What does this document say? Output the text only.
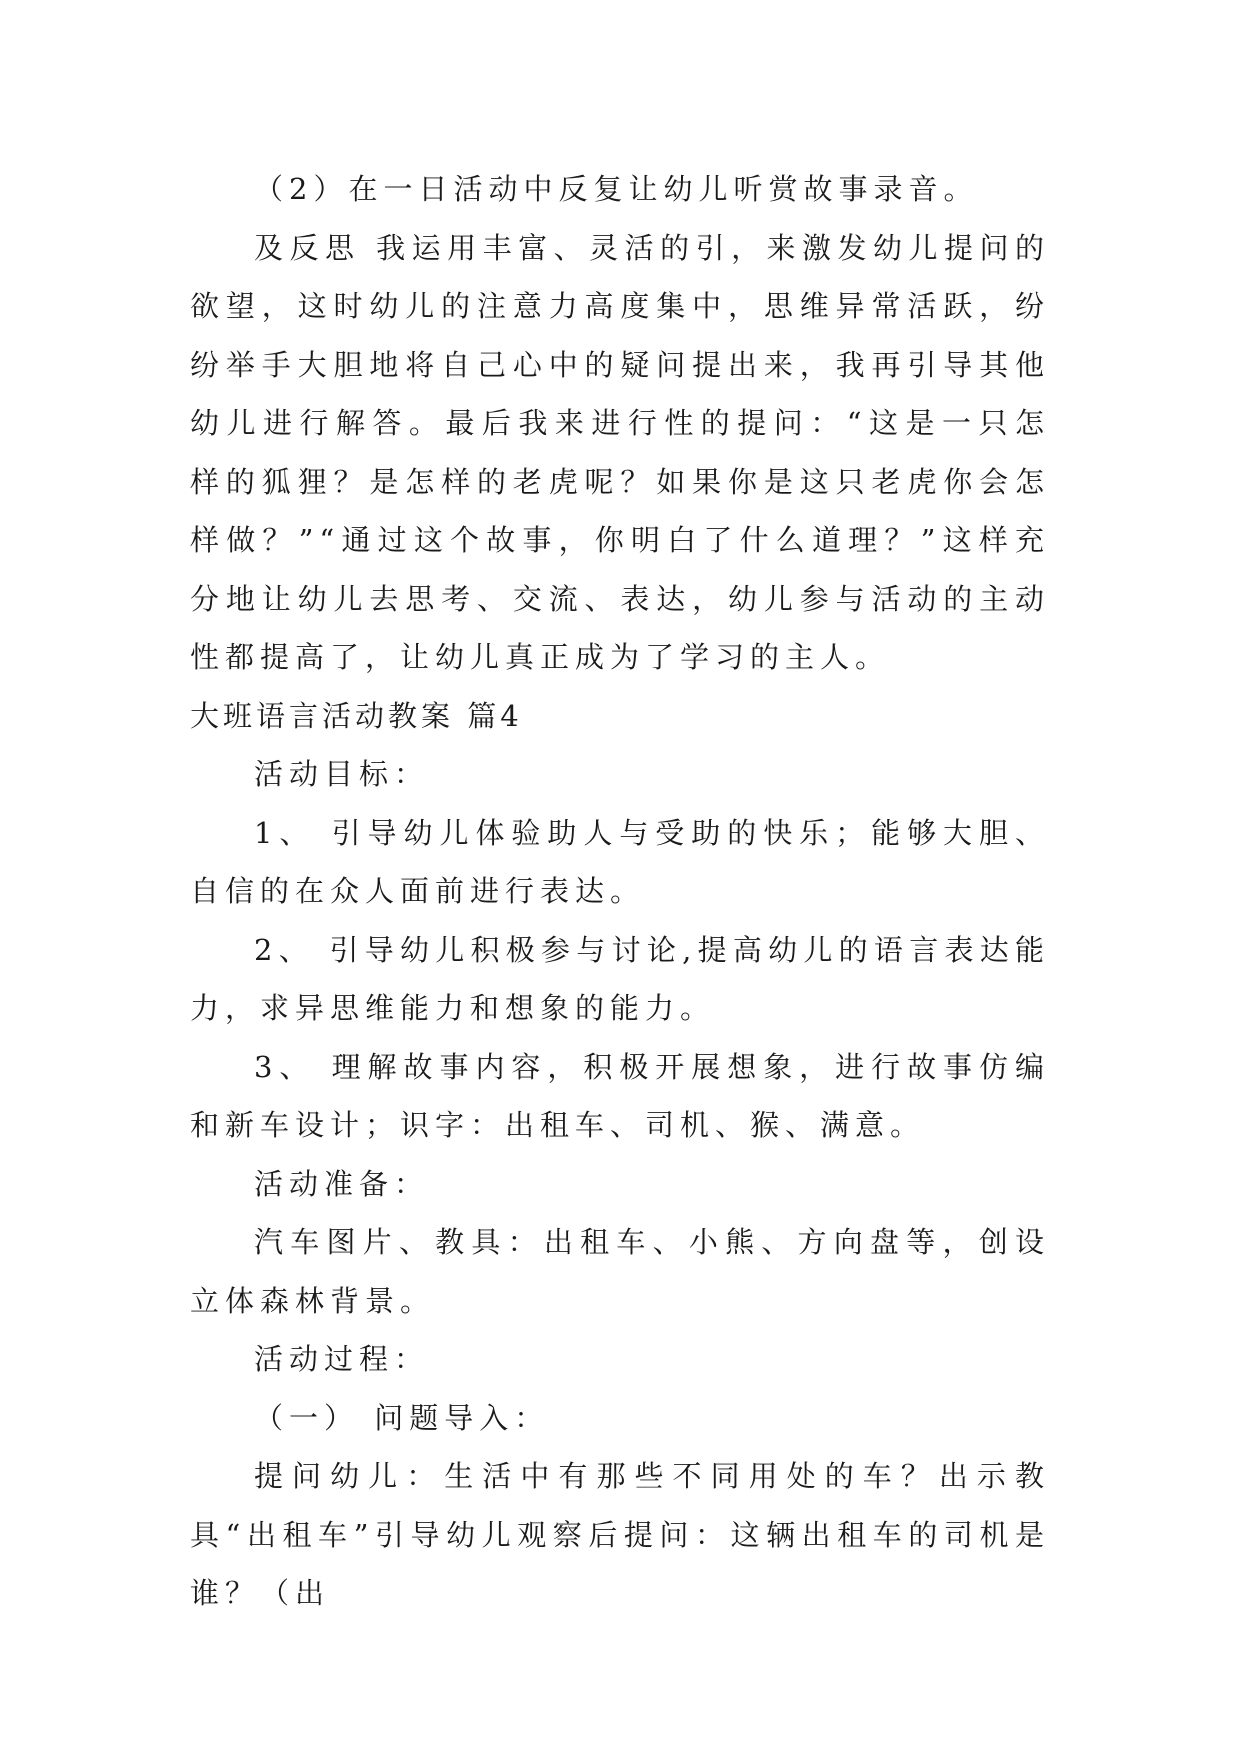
（2）在一日活动中反复让幼儿听赏故事录音。

及反思 我运用丰富、灵活的引，来激发幼儿提问的欲望，这时幼儿的注意力高度集中，思维异常活跃，纷纷举手大胆地将自己心中的疑问提出来，我再引导其他幼儿进行解答。最后我来进行性的提问：“这是一只怎样的狐狸？是怎样的老虎呢？如果你是这只老虎你会怎样做？”“通过这个故事，你明白了什么道理？”这样充分地让幼儿去思考、交流、表达，幼儿参与活动的主动性都提高了，让幼儿真正成为了学习的主人。

大班语言活动教案 篇4

活动目标：

1、 引导幼儿体验助人与受助的快乐；能够大胆、自信的在众人面前进行表达。

2、 引导幼儿积极参与讨论,提高幼儿的语言表达能力，求异思维能力和想象的能力。

3、 理解故事内容，积极开展想象，进行故事仿编和新车设计；识字：出租车、司机、猴、满意。

活动准备：

汽车图片、教具：出租车、小熊、方向盘等，创设立体森林背景。

活动过程：

（一） 问题导入：

提问幼儿：生活中有那些不同用处的车？出示教具“出租车”引导幼儿观察后提问：这辆出租车的司机是谁？（出
